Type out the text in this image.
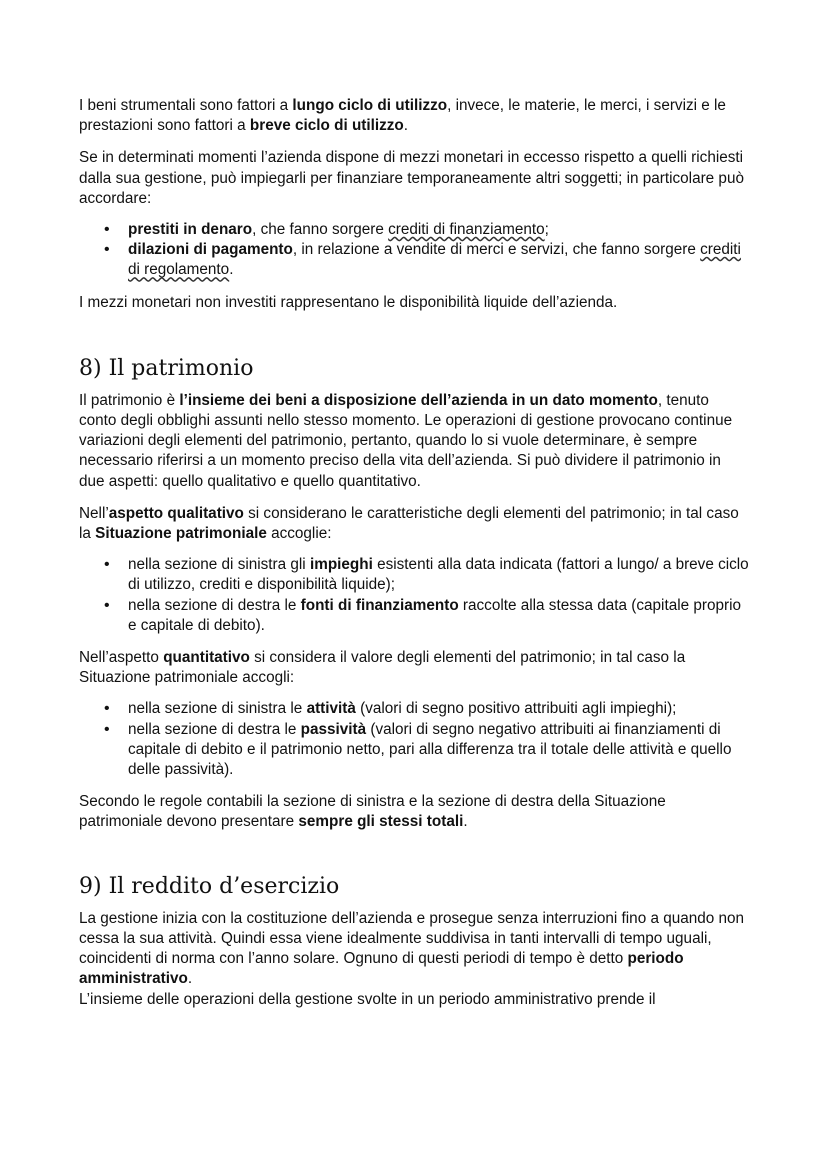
I beni strumentali sono fattori a lungo ciclo di utilizzo, invece, le materie, le merci, i servizi e le prestazioni sono fattori a breve ciclo di utilizzo.

Se in determinati momenti l’azienda dispone di mezzi monetari in eccesso rispetto a quelli richiesti dalla sua gestione, può impiegarli per finanziare temporaneamente altri soggetti; in particolare può accordare:

• prestiti in denaro, che fanno sorgere crediti di finanziamento;
• dilazioni di pagamento, in relazione a vendite di merci e servizi, che fanno sorgere crediti di regolamento.

I mezzi monetari non investiti rappresentano le disponibilità liquide dell’azienda.

8) Il patrimonio

Il patrimonio è l’insieme dei beni a disposizione dell’azienda in un dato momento, tenuto conto degli obblighi assunti nello stesso momento. Le operazioni di gestione provocano continue variazioni degli elementi del patrimonio, pertanto, quando lo si vuole determinare, è sempre necessario riferirsi a un momento preciso della vita dell’azienda. Si può dividere il patrimonio in due aspetti: quello qualitativo e quello quantitativo.

Nell’aspetto qualitativo si considerano le caratteristiche degli elementi del patrimonio; in tal caso la Situazione patrimoniale accoglie:

• nella sezione di sinistra gli impieghi esistenti alla data indicata (fattori a lungo/ a breve ciclo di utilizzo, crediti e disponibilità liquide);
• nella sezione di destra le fonti di finanziamento raccolte alla stessa data (capitale proprio e capitale di debito).

Nell’aspetto quantitativo si considera il valore degli elementi del patrimonio; in tal caso la Situazione patrimoniale accogli:

• nella sezione di sinistra le attività (valori di segno positivo attribuiti agli impieghi);
• nella sezione di destra le passività (valori di segno negativo attribuiti ai finanziamenti di capitale di debito e il patrimonio netto, pari alla differenza tra il totale delle attività e quello delle passività).

Secondo le regole contabili la sezione di sinistra e la sezione di destra della Situazione patrimoniale devono presentare sempre gli stessi totali.

9) Il reddito d’esercizio

La gestione inizia con la costituzione dell’azienda e prosegue senza interruzioni fino a quando non cessa la sua attività. Quindi essa viene idealmente suddivisa in tanti intervalli di tempo uguali, coincidenti di norma con l’anno solare. Ognuno di questi periodi di tempo è detto periodo amministrativo.

L’insieme delle operazioni della gestione svolte in un periodo amministrativo prende il
